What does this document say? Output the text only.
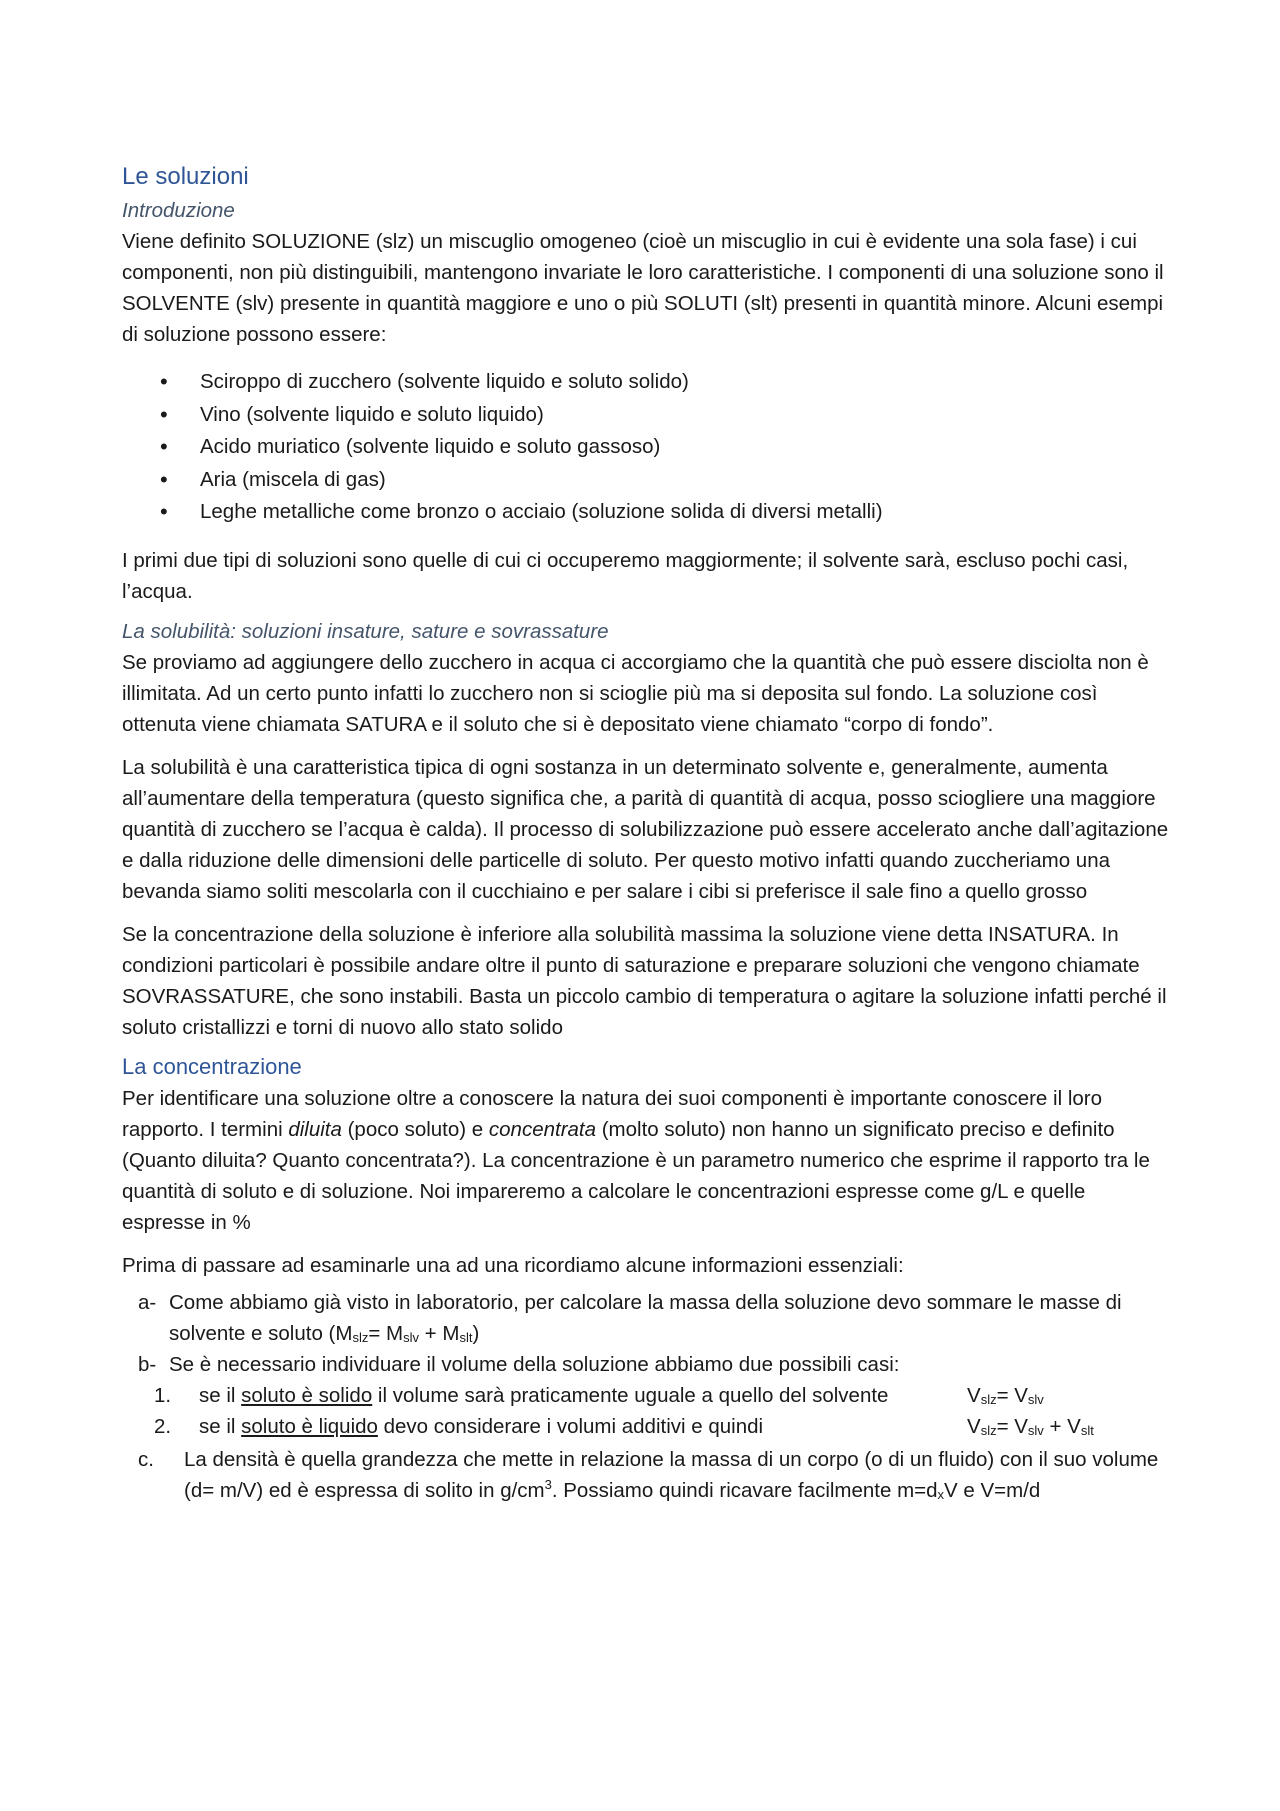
Le soluzioni
Introduzione

Viene definito SOLUZIONE (slz) un miscuglio omogeneo (cioè un miscuglio in cui è evidente una sola fase) i cui componenti, non più distinguibili, mantengono invariate le loro caratteristiche. I componenti di una soluzione sono il SOLVENTE (slv) presente in quantità maggiore e uno o più SOLUTI (slt) presenti in quantità minore. Alcuni esempi di soluzione possono essere:

• Sciroppo di zucchero (solvente liquido e soluto solido)
• Vino (solvente liquido e soluto liquido)
• Acido muriatico (solvente liquido e soluto gassoso)
• Aria (miscela di gas)
• Leghe metalliche come bronzo o acciaio (soluzione solida di diversi metalli)

I primi due tipi di soluzioni sono quelle di cui ci occuperemo maggiormente; il solvente sarà, escluso pochi casi, l’acqua.

La solubilità: soluzioni insature, sature e sovrassature

Se proviamo ad aggiungere dello zucchero in acqua ci accorgiamo che la quantità che può essere disciolta non è illimitata. Ad un certo punto infatti lo zucchero non si scioglie più ma si deposita sul fondo. La soluzione così ottenuta viene chiamata SATURA e il soluto che si è depositato viene chiamato “corpo di fondo”.

La solubilità è una caratteristica tipica di ogni sostanza in un determinato solvente e, generalmente, aumenta all’aumentare della temperatura (questo significa che, a parità di quantità di acqua, posso sciogliere una maggiore quantità di zucchero se l’acqua è calda). Il processo di solubilizzazione può essere accelerato anche dall’agitazione e dalla riduzione delle dimensioni delle particelle di soluto. Per questo motivo infatti quando zuccheriamo una bevanda siamo soliti mescolarla con il cucchiaino e per salare i cibi si preferisce il sale fino a quello grosso

Se la concentrazione della soluzione è inferiore alla solubilità massima la soluzione viene detta INSATURA. In condizioni particolari è possibile andare oltre il punto di saturazione e preparare soluzioni che vengono chiamate SOVRASSATURE, che sono instabili. Basta un piccolo cambio di temperatura o agitare la soluzione infatti perché il soluto cristallizzi e torni di nuovo allo stato solido

La concentrazione

Per identificare una soluzione oltre a conoscere la natura dei suoi componenti è importante conoscere il loro rapporto. I termini diluita (poco soluto) e concentrata (molto soluto) non hanno un significato preciso e definito (Quanto diluita? Quanto concentrata?). La concentrazione è un parametro numerico che esprime il rapporto tra le quantità di soluto e di soluzione. Noi impareremo a calcolare le concentrazioni espresse come g/L e quelle espresse in %

Prima di passare ad esaminarle una ad una ricordiamo alcune informazioni essenziali:

a- Come abbiamo già visto in laboratorio, per calcolare la massa della soluzione devo sommare le masse di solvente e soluto $(M_{slz}= M_{slv} + M_{slt})$
b- Se è necessario individuare il volume della soluzione abbiamo due possibili casi:
1. se il soluto è solido il volume sarà praticamente uguale a quello del solvente	$V_{slz}= V_{slv}$
2. se il soluto è liquido devo considerare i volumi additivi e quindi	$V_{slz}= V_{slv} + V_{slt}$
c. La densità è quella grandezza che mette in relazione la massa di un corpo (o di un fluido) con il suo volume (d= m/V) ed è espressa di solito in $g/cm^3$. Possiamo quindi ricavare facilmente $m=d_xV$ e V=m/d
